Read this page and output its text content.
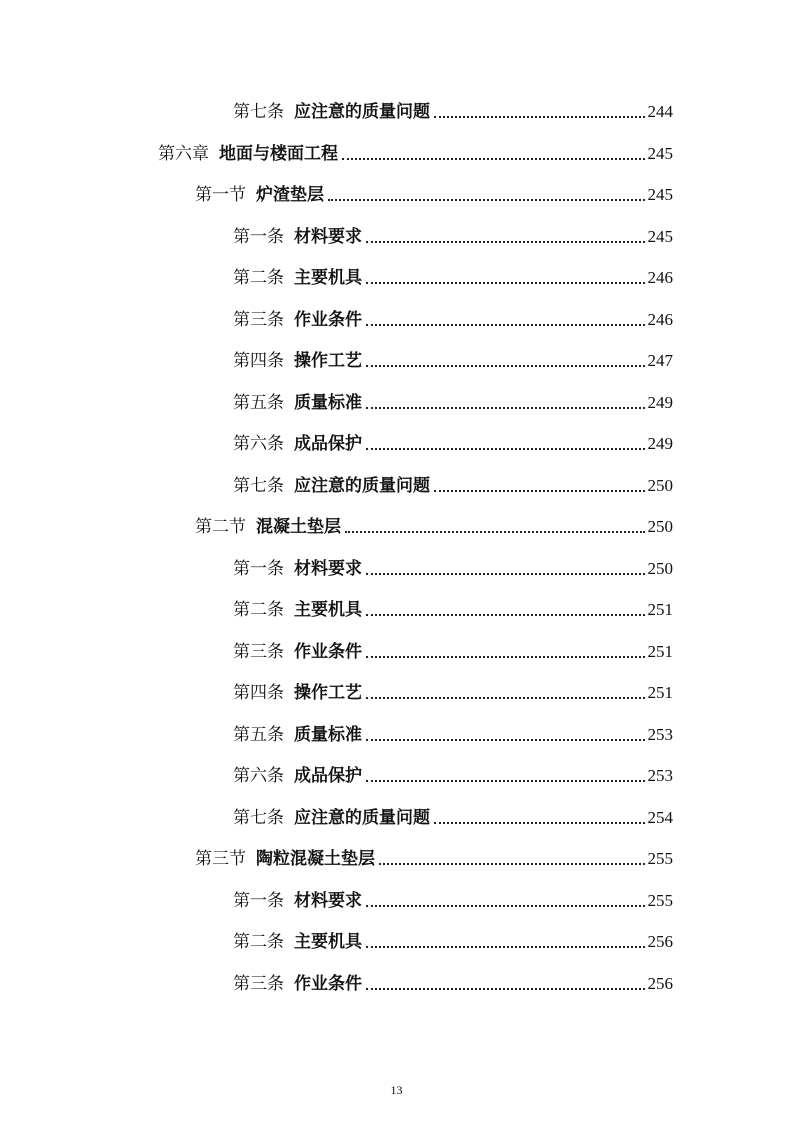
第七条 应注意的质量问题	244
第六章 地面与楼面工程	245
第一节 炉渣垫层	245
第一条 材料要求	245
第二条 主要机具	246
第三条 作业条件	246
第四条 操作工艺	247
第五条 质量标准	249
第六条 成品保护	249
第七条 应注意的质量问题	250
第二节 混凝土垫层	250
第一条 材料要求	250
第二条 主要机具	251
第三条 作业条件	251
第四条 操作工艺	251
第五条 质量标准	253
第六条 成品保护	253
第七条 应注意的质量问题	254
第三节 陶粒混凝土垫层	255
第一条 材料要求	255
第二条 主要机具	256
第三条 作业条件	256
13
